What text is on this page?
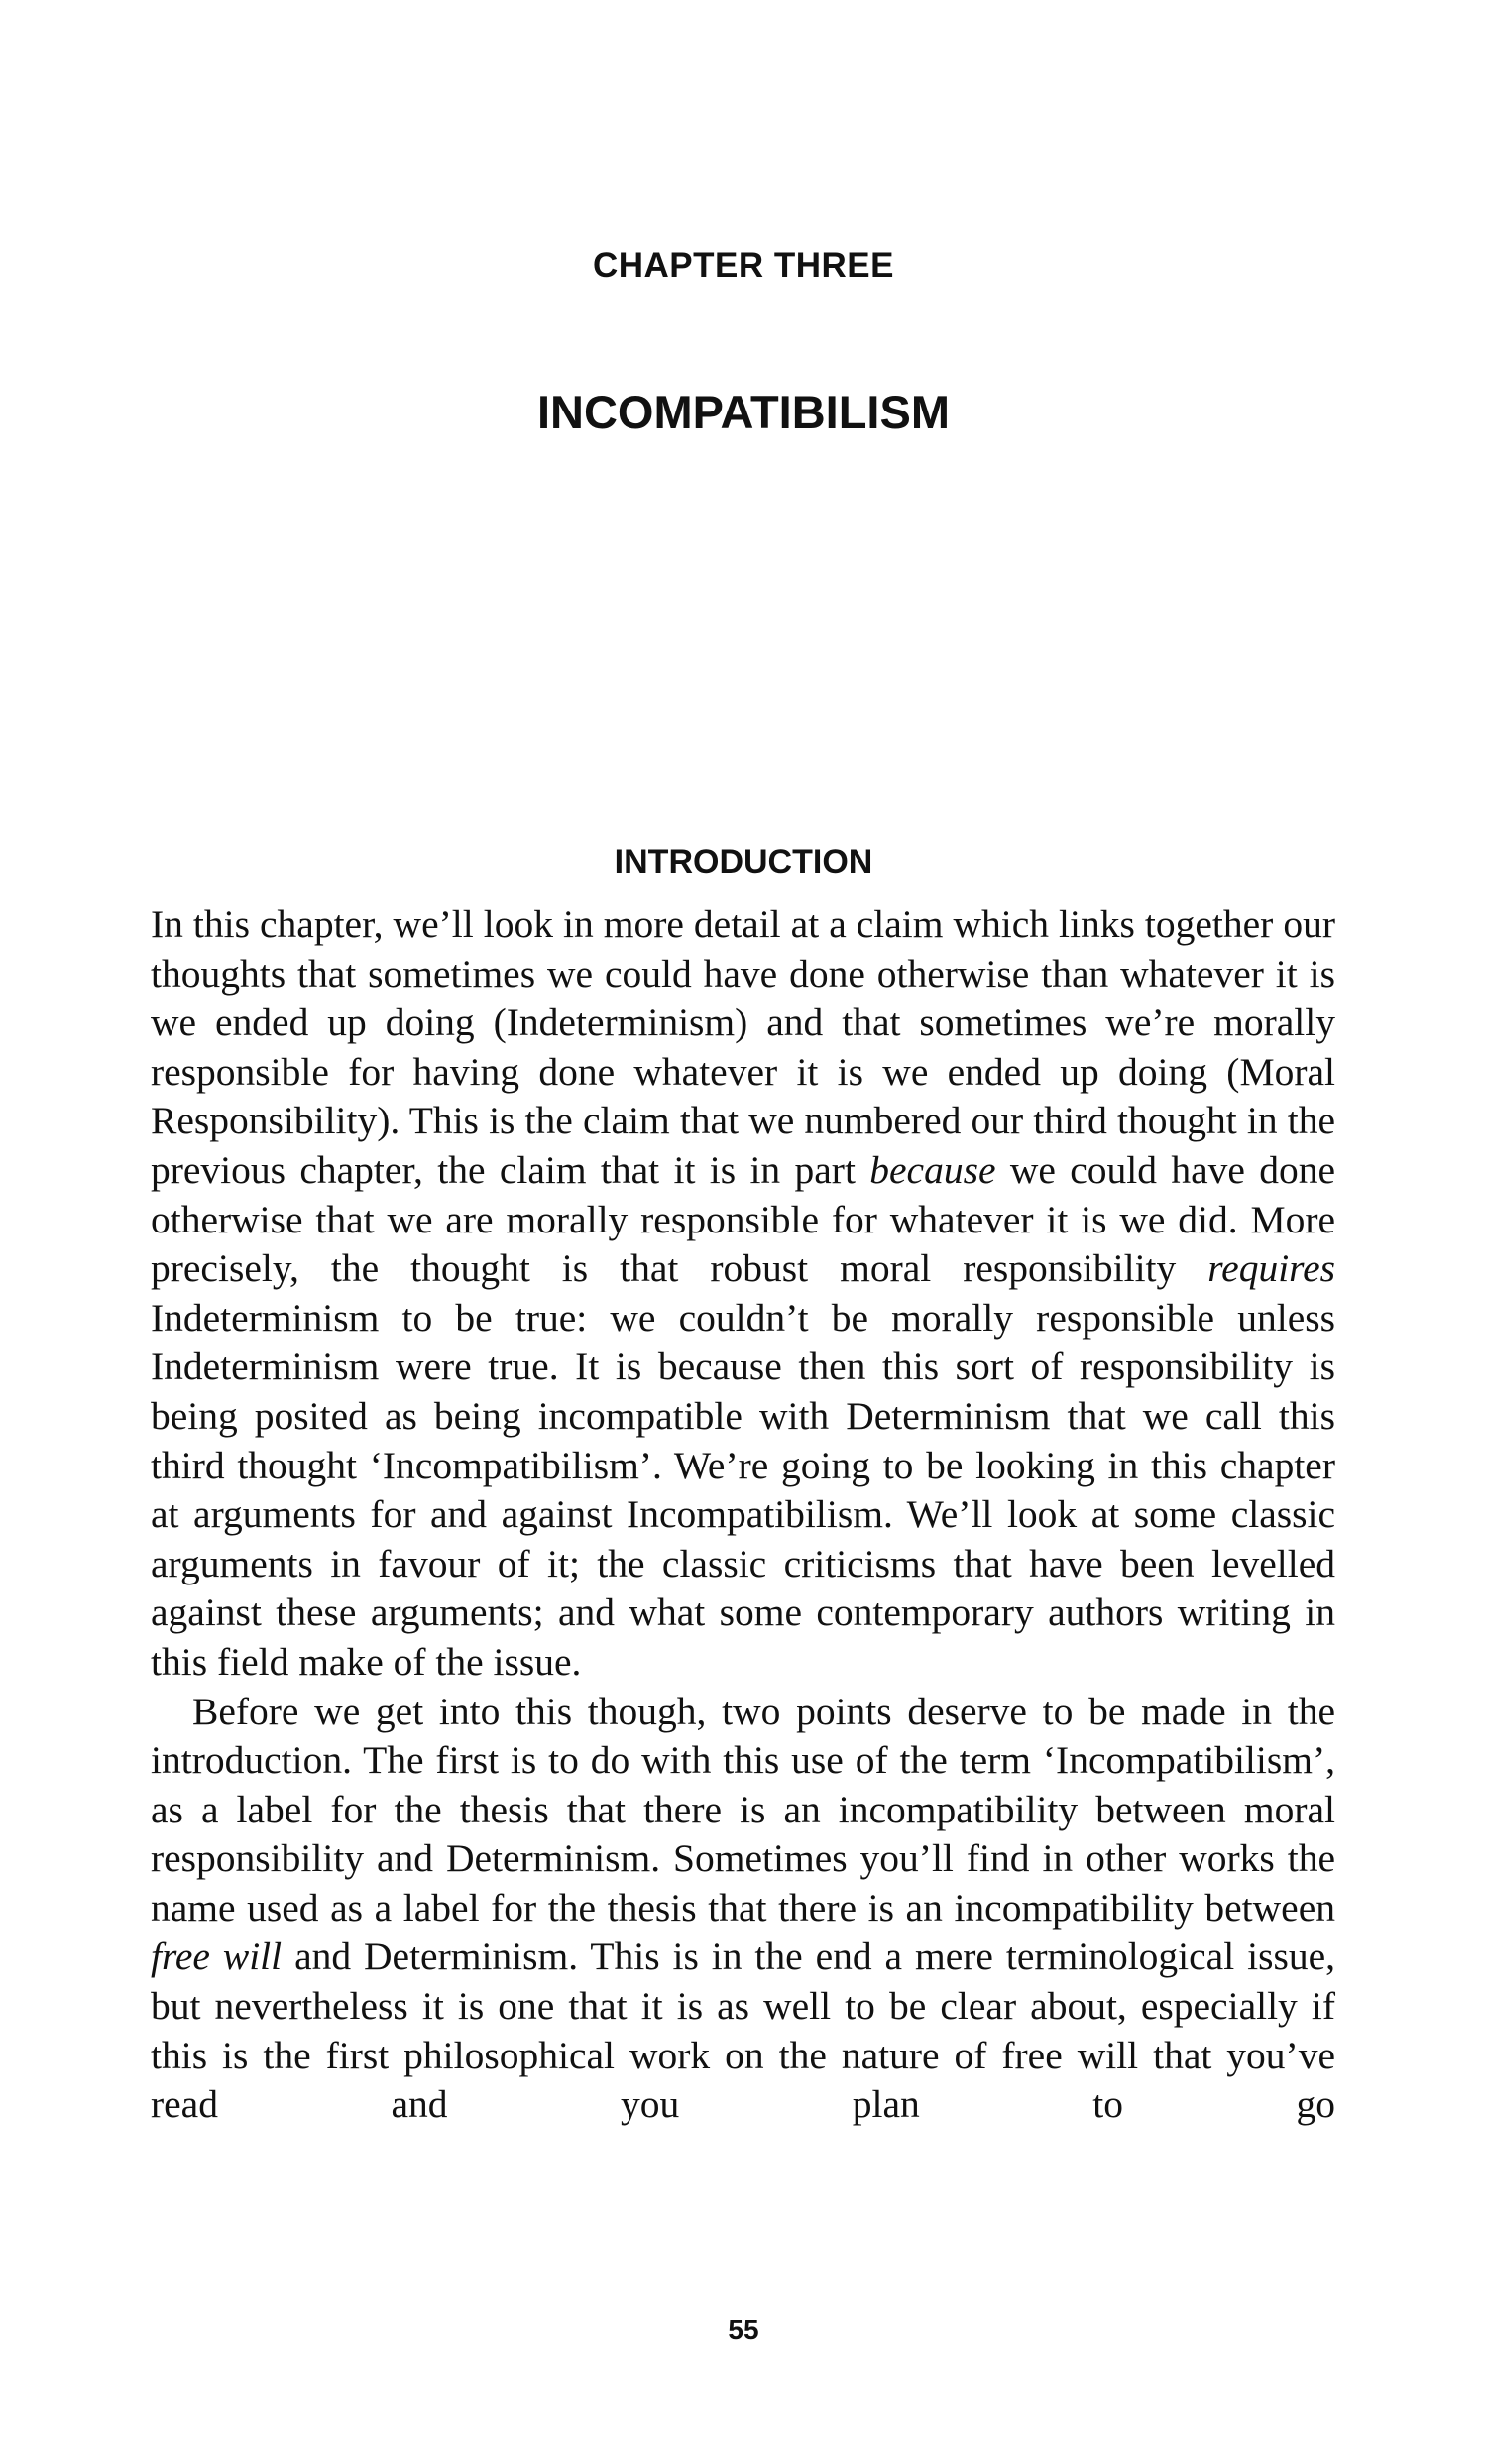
CHAPTER THREE
INCOMPATIBILISM
INTRODUCTION

In this chapter, we’ll look in more detail at a claim which links together our thoughts that sometimes we could have done otherwise than whatever it is we ended up doing (Indeterminism) and that sometimes we’re morally responsible for having done whatever it is we ended up doing (Moral Responsibility). This is the claim that we numbered our third thought in the previous chapter, the claim that it is in part because we could have done otherwise that we are morally responsible for whatever it is we did. More precisely, the thought is that robust moral responsibility requires Indeterminism to be true: we couldn’t be morally responsible unless Indeterminism were true. It is because then this sort of responsibility is being posited as being incompatible with Determinism that we call this third thought ‘Incompatibilism’. We’re going to be looking in this chapter at arguments for and against Incompatibilism. We’ll look at some classic arguments in favour of it; the classic criticisms that have been levelled against these arguments; and what some contemporary authors writing in this field make of the issue.

Before we get into this though, two points deserve to be made in the introduction. The first is to do with this use of the term ‘Incompatibilism’, as a label for the thesis that there is an incompatibility between moral responsibility and Determinism. Sometimes you’ll find in other works the name used as a label for the thesis that there is an incompatibility between free will and Determinism. This is in the end a mere terminological issue, but nevertheless it is one that it is as well to be clear about, especially if this is the first philosophical work on the nature of free will that you’ve read and you plan to go

55
